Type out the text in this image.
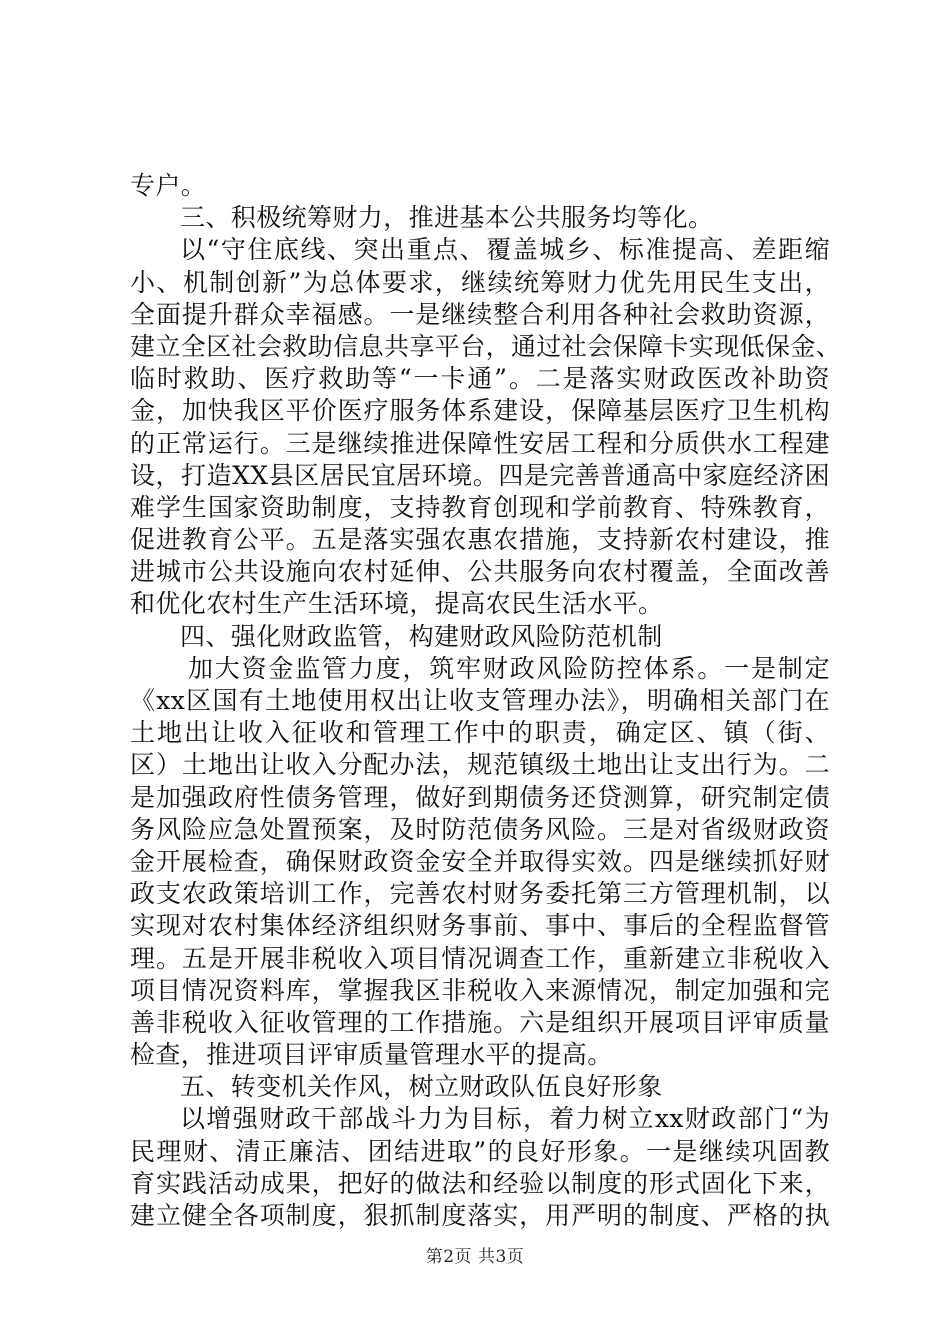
专户。
三、积极统筹财力，推进基本公共服务均等化。
以“守住底线、突出重点、覆盖城乡、标准提高、差距缩
小、机制创新”为总体要求，继续统筹财力优先用民生支出，
全面提升群众幸福感。一是继续整合利用各种社会救助资源，
建立全区社会救助信息共享平台，通过社会保障卡实现低保金、
临时救助、医疗救助等“一卡通”。二是落实财政医改补助资
金，加快我区平价医疗服务体系建设，保障基层医疗卫生机构
的正常运行。三是继续推进保障性安居工程和分质供水工程建
设，打造XX县区居民宜居环境。四是完善普通高中家庭经济困
难学生国家资助制度，支持教育创现和学前教育、特殊教育，
促进教育公平。五是落实强农惠农措施，支持新农村建设，推
进城市公共设施向农村延伸、公共服务向农村覆盖，全面改善
和优化农村生产生活环境，提高农民生活水平。
四、强化财政监管，构建财政风险防范机制
加大资金监管力度，筑牢财政风险防控体系。一是制定
《xx区国有土地使用权出让收支管理办法》，明确相关部门在
土地出让收入征收和管理工作中的职责，确定区、镇（街、
区）土地出让收入分配办法，规范镇级土地出让支出行为。二
是加强政府性债务管理，做好到期债务还贷测算，研究制定债
务风险应急处置预案，及时防范债务风险。三是对省级财政资
金开展检查，确保财政资金安全并取得实效。四是继续抓好财
政支农政策培训工作，完善农村财务委托第三方管理机制，以
实现对农村集体经济组织财务事前、事中、事后的全程监督管
理。五是开展非税收入项目情况调查工作，重新建立非税收入
项目情况资料库，掌握我区非税收入来源情况，制定加强和完
善非税收入征收管理的工作措施。六是组织开展项目评审质量
检查，推进项目评审质量管理水平的提高。
五、转变机关作风，树立财政队伍良好形象
以增强财政干部战斗力为目标，着力树立xx财政部门“为
民理财、清正廉洁、团结进取”的良好形象。一是继续巩固教
育实践活动成果，把好的做法和经验以制度的形式固化下来，
建立健全各项制度，狠抓制度落实，用严明的制度、严格的执
第2页 共3页
